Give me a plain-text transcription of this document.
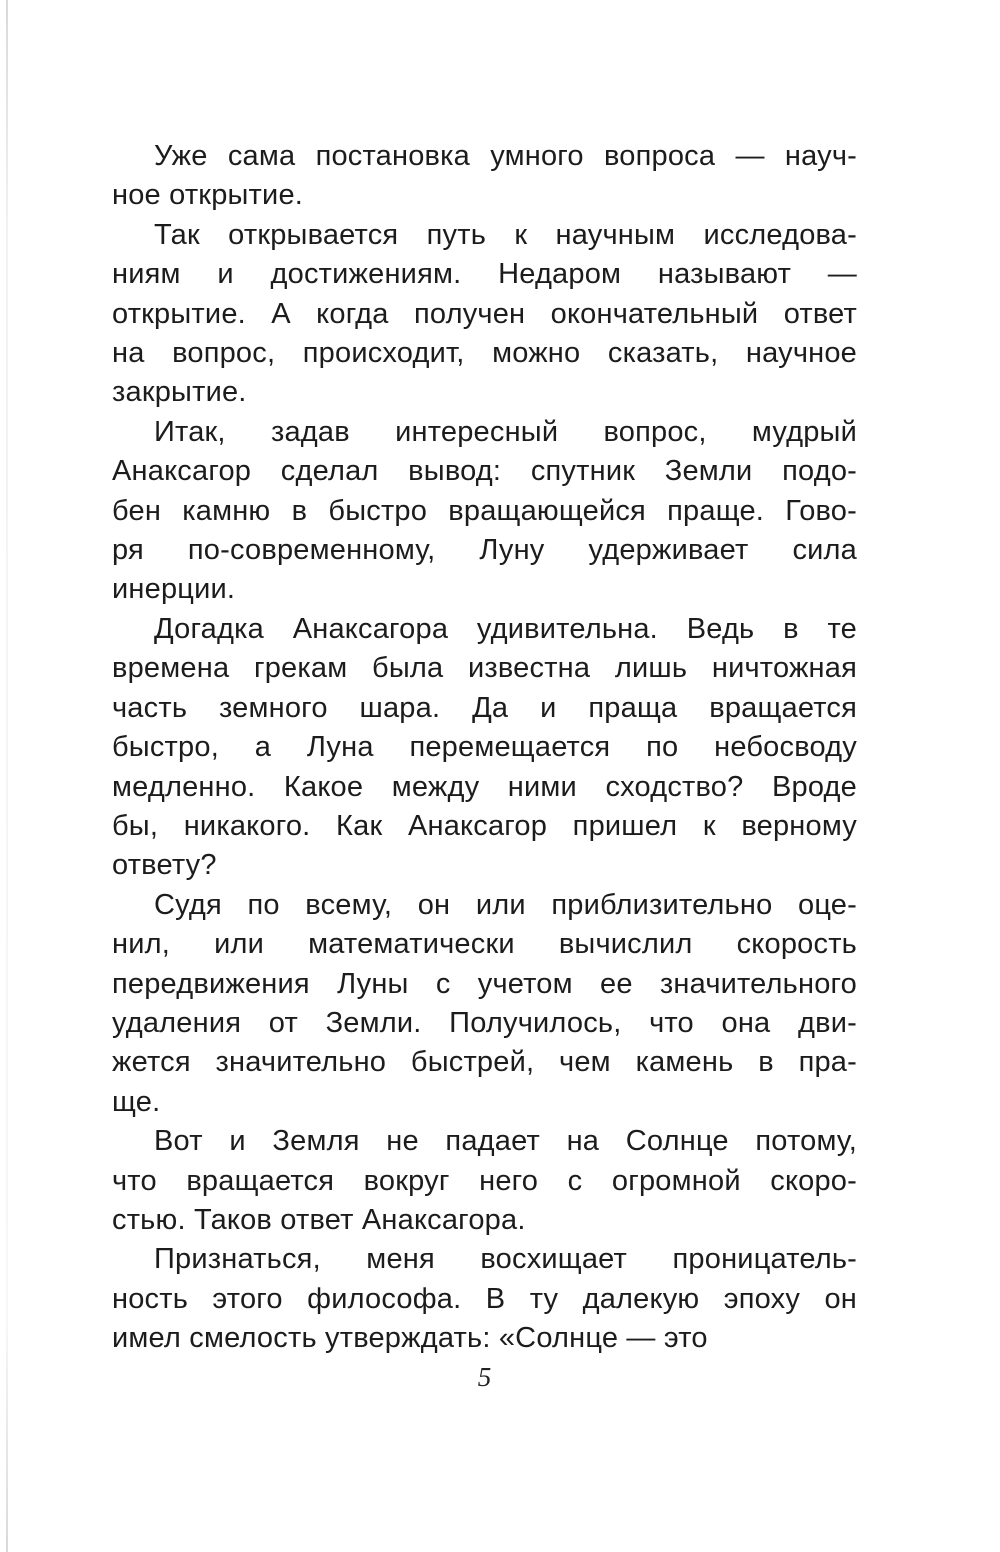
Уже сама постановка умного вопроса — науч-
ное открытие.
Так открывается путь к научным исследова-
ниям и достижениям. Недаром называют —
открытие. А когда получен окончательный ответ
на вопрос, происходит, можно сказать, научное
закрытие.
Итак, задав интересный вопрос, мудрый
Анаксагор сделал вывод: спутник Земли подо-
бен камню в быстро вращающейся праще. Гово-
ря по-современному, Луну удерживает сила
инерции.
Догадка Анаксагора удивительна. Ведь в те
времена грекам была известна лишь ничтожная
часть земного шара. Да и праща вращается
быстро, а Луна перемещается по небосводу
медленно. Какое между ними сходство? Вроде
бы, никакого. Как Анаксагор пришел к верному
ответу?
Судя по всему, он или приблизительно оце-
нил, или математически вычислил скорость
передвижения Луны с учетом ее значительного
удаления от Земли. Получилось, что она дви-
жется значительно быстрей, чем камень в пра-
ще.
Вот и Земля не падает на Солнце потому,
что вращается вокруг него с огромной скоро-
стью. Таков ответ Анаксагора.
Признаться, меня восхищает проницатель-
ность этого философа. В ту далекую эпоху он
имел смелость утверждать: «Солнце — это
5
